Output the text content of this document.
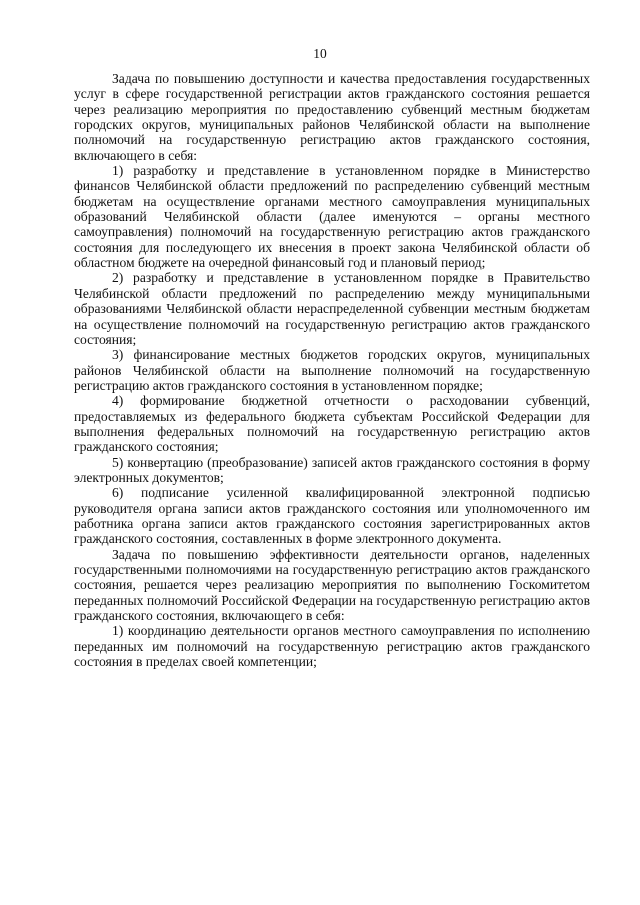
10

Задача по повышению доступности и качества предоставления государственных услуг в сфере государственной регистрации актов гражданского состояния решается через реализацию мероприятия по предоставлению субвенций местным бюджетам городских округов, муниципальных районов Челябинской области на выполнение полномочий на государственную регистрацию актов гражданского состояния, включающего в себя:

1) разработку и представление в установленном порядке в Министерство финансов Челябинской области предложений по распределению субвенций местным бюджетам на осуществление органами местного самоуправления муниципальных образований Челябинской области (далее именуются – органы местного самоуправления) полномочий на государственную регистрацию актов гражданского состояния для последующего их внесения в проект закона Челябинской области об областном бюджете на очередной финансовый год и плановый период;

2) разработку и представление в установленном порядке в Правительство Челябинской области предложений по распределению между муниципальными образованиями Челябинской области нераспределенной субвенции местным бюджетам на осуществление полномочий на государственную регистрацию актов гражданского состояния;

3) финансирование местных бюджетов городских округов, муниципальных районов Челябинской области на выполнение полномочий на государственную регистрацию актов гражданского состояния в установленном порядке;

4) формирование бюджетной отчетности о расходовании субвенций, предоставляемых из федерального бюджета субъектам Российской Федерации для выполнения федеральных полномочий на государственную регистрацию актов гражданского состояния;

5) конвертацию (преобразование) записей актов гражданского состояния в форму электронных документов;

6) подписание усиленной квалифицированной электронной подписью руководителя органа записи актов гражданского состояния или уполномоченного им работника органа записи актов гражданского состояния зарегистрированных актов гражданского состояния, составленных в форме электронного документа.

Задача по повышению эффективности деятельности органов, наделенных государственными полномочиями на государственную регистрацию актов гражданского состояния, решается через реализацию мероприятия по выполнению Госкомитетом переданных полномочий Российской Федерации на государственную регистрацию актов гражданского состояния, включающего в себя:

1) координацию деятельности органов местного самоуправления по исполнению переданных им полномочий на государственную регистрацию актов гражданского состояния в пределах своей компетенции;
